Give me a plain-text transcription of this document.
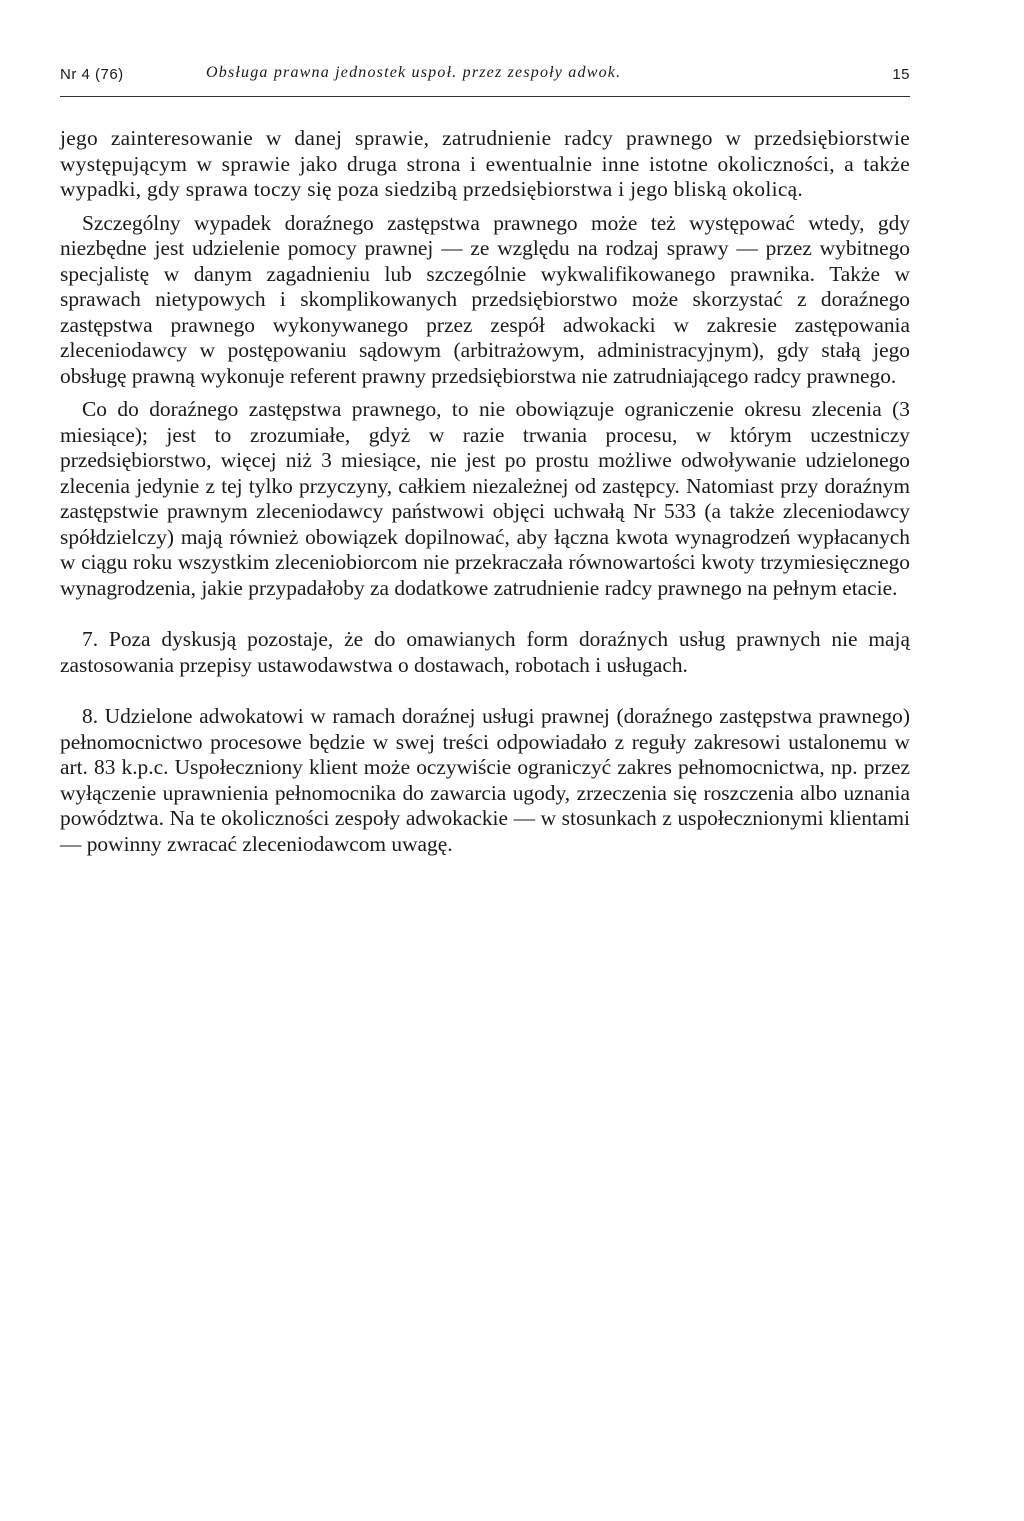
Nr 4 (76)	Obsługa prawna jednostek uspoł. przez zespoły adwok.	15

jego zainteresowanie w danej sprawie, zatrudnienie radcy prawnego w przedsiębiorstwie występującym w sprawie jako druga strona i ewentualnie inne istotne okoliczności, a także wypadki, gdy sprawa toczy się poza siedzibą przedsiębiorstwa i jego bliską okolicą.

Szczególny wypadek doraźnego zastępstwa prawnego może też występować wtedy, gdy niezbędne jest udzielenie pomocy prawnej — ze względu na rodzaj sprawy — przez wybitnego specjalistę w danym zagadnieniu lub szczególnie wykwalifikowanego prawnika. Także w sprawach nietypowych i skomplikowanych przedsiębiorstwo może skorzystać z doraźnego zastępstwa prawnego wykonywanego przez zespół adwokacki w zakresie zastępowania zleceniodawcy w postępowaniu sądowym (arbitrażowym, administracyjnym), gdy stałą jego obsługę prawną wykonuje referent prawny przedsiębiorstwa nie zatrudniającego radcy prawnego.

Co do doraźnego zastępstwa prawnego, to nie obowiązuje ograniczenie okresu zlecenia (3 miesiące); jest to zrozumiałe, gdyż w razie trwania procesu, w którym uczestniczy przedsiębiorstwo, więcej niż 3 miesiące, nie jest po prostu możliwe odwoływanie udzielonego zlecenia jedynie z tej tylko przyczyny, całkiem niezależnej od zastępcy. Natomiast przy doraźnym zastępstwie prawnym zleceniodawcy państwowi objęci uchwałą Nr 533 (a także zleceniodawcy spółdzielczy) mają również obowiązek dopilnować, aby łączna kwota wynagrodzeń wypłacanych w ciągu roku wszystkim zleceniobiorcom nie przekraczała równowartości kwoty trzymiesięcznego wynagrodzenia, jakie przypadałoby za dodatkowe zatrudnienie radcy prawnego na pełnym etacie.

7. Poza dyskusją pozostaje, że do omawianych form doraźnych usług prawnych nie mają zastosowania przepisy ustawodawstwa o dostawach, robotach i usługach.

8. Udzielone adwokatowi w ramach doraźnej usługi prawnej (doraźnego zastępstwa prawnego) pełnomocnictwo procesowe będzie w swej treści odpowiadało z reguły zakresowi ustalonemu w art. 83 k.p.c. Uspołeczniony klient może oczywiście ograniczyć zakres pełnomocnictwa, np. przez wyłączenie uprawnienia pełnomocnika do zawarcia ugody, zrzeczenia się roszczenia albo uznania powództwa. Na te okoliczności zespoły adwokackie — w stosunkach z uspołecznionymi klientami — powinny zwracać zleceniodawcom uwagę.
